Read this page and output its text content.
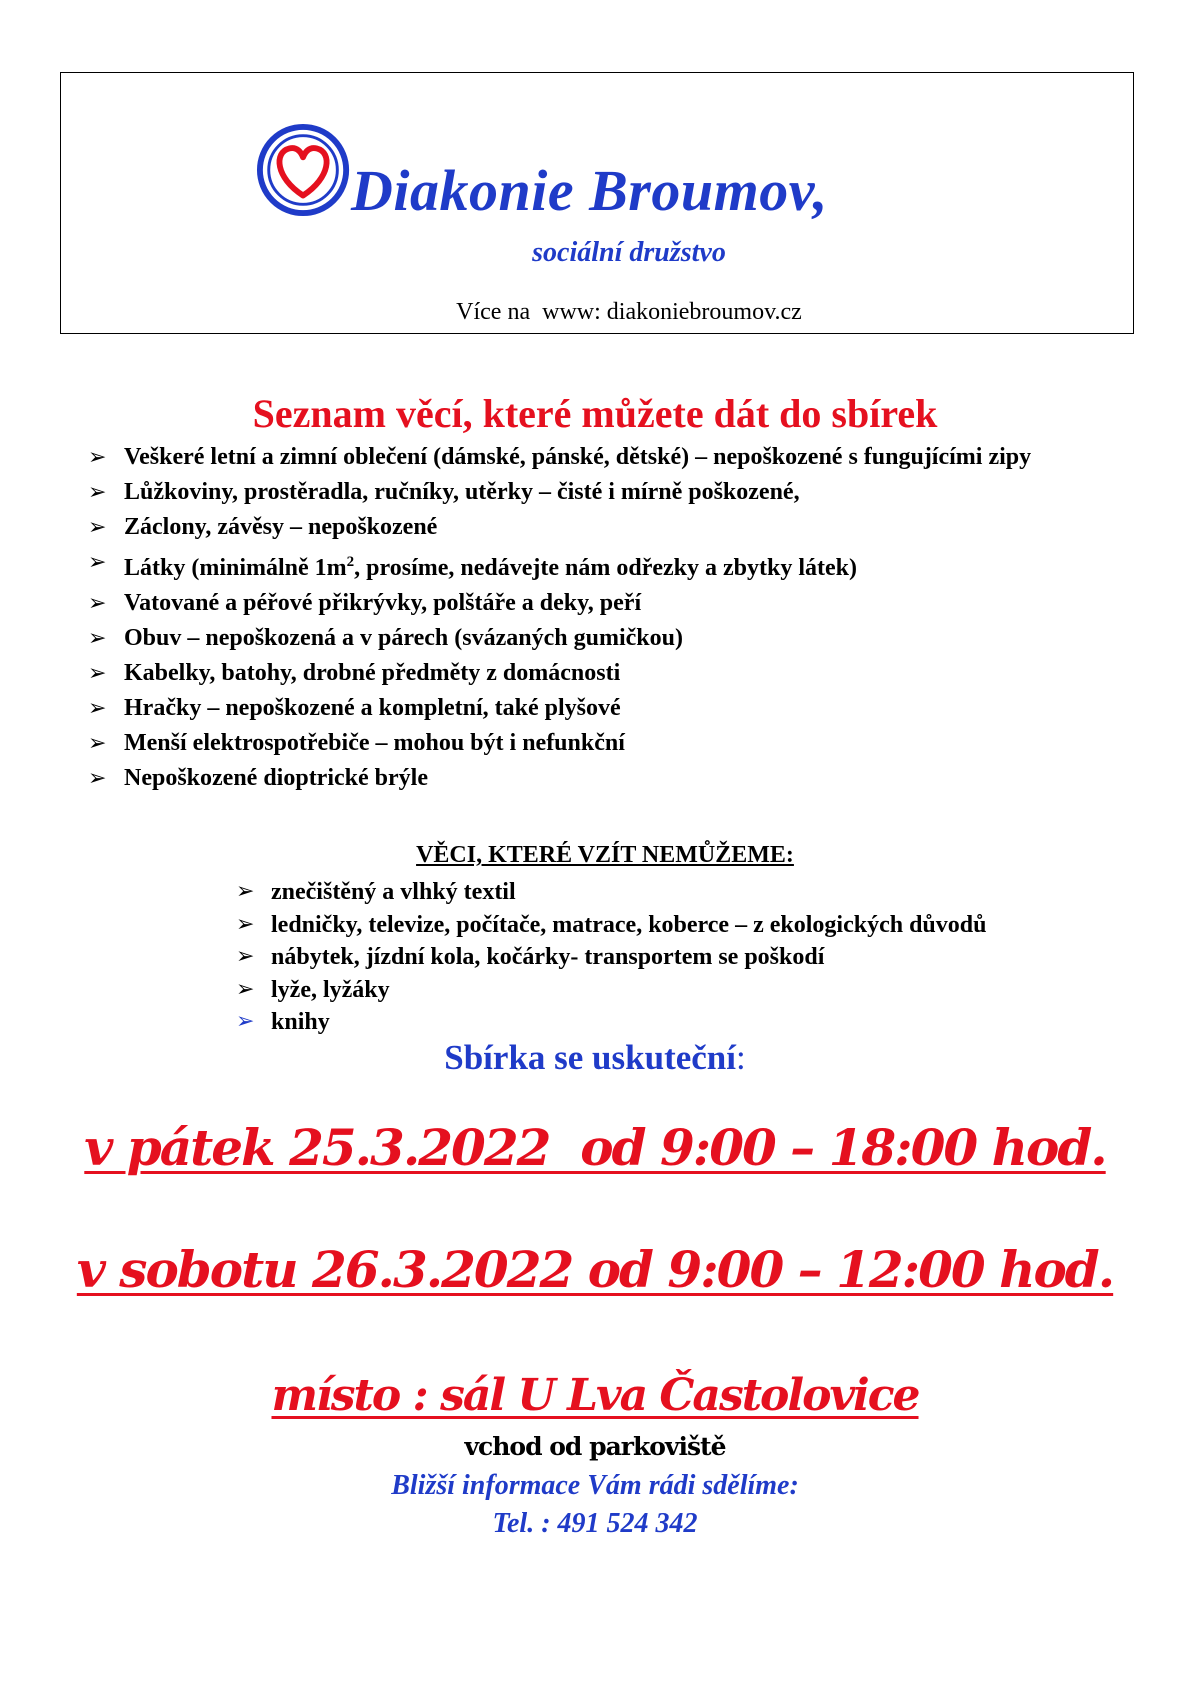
Diakonie Broumov,
sociální družstvo
Více na  www: diakoniebroumov.cz
Seznam věcí, které můžete dát do sbírek
➢ Veškeré letní a zimní oblečení (dámské, pánské, dětské) – nepoškozené s fungujícími zipy
➢ Lůžkoviny, prostěradla, ručníky, utěrky – čisté i mírně poškozené,
➢ Záclony, závěsy – nepoškozené
➢ Látky (minimálně $1m^2$, prosíme, nedávejte nám odřezky a zbytky látek)
➢ Vatované a péřové přikrývky, polštáře a deky, peří
➢ Obuv – nepoškozená a v párech (svázaných gumičkou)
➢ Kabelky, batohy, drobné předměty z domácnosti
➢ Hračky – nepoškozené a kompletní, také plyšové
➢ Menší elektrospotřebiče – mohou být i nefunkční
➢ Nepoškozené dioptrické brýle
VĚCI, KTERÉ VZÍT NEMŮŽEME:
➢ znečištěný a vlhký textil
➢ ledničky, televize, počítače, matrace, koberce – z ekologických důvodů
➢ nábytek, jízdní kola, kočárky- transportem se poškodí
➢ lyže, lyžáky
➢ knihy
Sbírka se uskuteční:
v pátek 25.3.2022  od 9:00 – 18:00 hod.
v sobotu 26.3.2022 od 9:00 – 12:00 hod.
místo : sál U Lva Častolovice
vchod od parkoviště
Bližší informace Vám rádi sdělíme:
Tel. : 491 524 342
